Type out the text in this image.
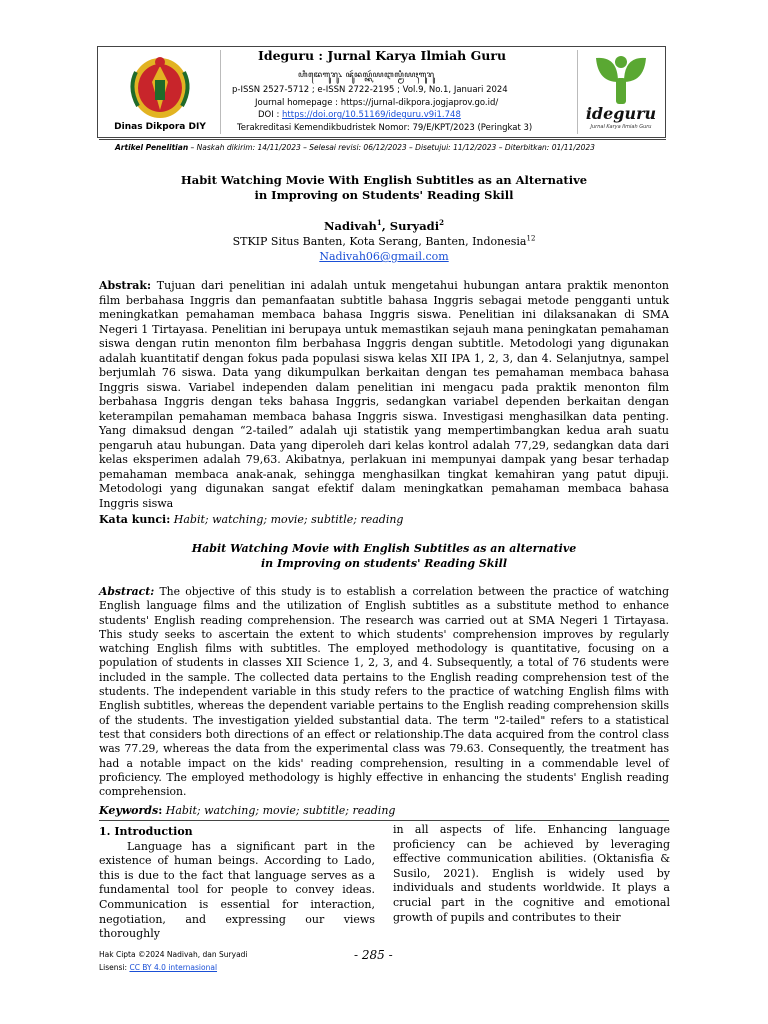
Dinas Dikpora DIY
ideguru
Jurnal Karya Ilmiah Guru
Ideguru : Jurnal Karya Ilmiah Guru
ꦲꦶꦢꦺꦒꦸꦫꦸ꧈ ꦗꦸꦂꦤꦭ꧀ꦏꦂꦪꦆꦭ꧀ꦩꦶꦪꦃꦒꦸꦫꦸ
p-ISSN 2527-5712 ; e-ISSN 2722-2195 ; Vol.9, No.1, Januari 2024
Journal homepage : https://jurnal-dikpora.jogjaprov.go.id/
DOI : https://doi.org/10.51169/ideguru.v9i1.748
Terakreditasi Kemendikbudristek Nomor: 79/E/KPT/2023 (Peringkat 3)
Artikel Penelitian – Naskah dikirim: 14/11/2023 – Selesai revisi: 06/12/2023 – Disetujui: 11/12/2023 – Diterbitkan: 01/11/2023
Habit Watching Movie With English Subtitles as an Alternative
in Improving on Students' Reading Skill
Nadivah$^1$, Suryadi$^2$
STKIP Situs Banten, Kota Serang, Banten, Indonesia$^{12}$
Nadivah06@gmail.com
Abstrak: Tujuan dari penelitian ini adalah untuk mengetahui hubungan antara praktik menonton film berbahasa Inggris dan pemanfaatan subtitle bahasa Inggris sebagai metode pengganti untuk meningkatkan pemahaman membaca bahasa Inggris siswa. Penelitian ini dilaksanakan di SMA Negeri 1 Tirtayasa. Penelitian ini berupaya untuk memastikan sejauh mana peningkatan pemahaman siswa dengan rutin menonton film berbahasa Inggris dengan subtitle. Metodologi yang digunakan adalah kuantitatif dengan fokus pada populasi siswa kelas XII IPA 1, 2, 3, dan 4. Selanjutnya, sampel berjumlah 76 siswa. Data yang dikumpulkan berkaitan dengan tes pemahaman membaca bahasa Inggris siswa. Variabel independen dalam penelitian ini mengacu pada praktik menonton film berbahasa Inggris dengan teks bahasa Inggris, sedangkan variabel dependen berkaitan dengan keterampilan pemahaman membaca bahasa Inggris siswa. Investigasi menghasilkan data penting. Yang dimaksud dengan “2-tailed” adalah uji statistik yang mempertimbangkan kedua arah suatu pengaruh atau hubungan. Data yang diperoleh dari kelas kontrol adalah 77,29, sedangkan data dari kelas eksperimen adalah 79,63. Akibatnya, perlakuan ini mempunyai dampak yang besar terhadap pemahaman membaca anak-anak, sehingga menghasilkan tingkat kemahiran yang patut dipuji. Metodologi yang digunakan sangat efektif dalam meningkatkan pemahaman membaca bahasa Inggris siswa
Kata kunci: Habit; watching; movie; subtitle; reading
Habit Watching Movie with English Subtitles as an alternative
in Improving on students' Reading Skill
Abstract: The objective of this study is to establish a correlation between the practice of watching English language films and the utilization of English subtitles as a substitute method to enhance students' English reading comprehension. The research was carried out at SMA Negeri 1 Tirtayasa. This study seeks to ascertain the extent to which students' comprehension improves by regularly watching English films with subtitles. The employed methodology is quantitative, focusing on a population of students in classes XII Science 1, 2, 3, and 4. Subsequently, a total of 76 students were included in the sample. The collected data pertains to the English reading comprehension test of the students. The independent variable in this study refers to the practice of watching English films with English subtitles, whereas the dependent variable pertains to the English reading comprehension skills of the students. The investigation yielded substantial data. The term "2-tailed" refers to a statistical test that considers both directions of an effect or relationship.The data acquired from the control class was 77.29, whereas the data from the experimental class was 79.63. Consequently, the treatment has had a notable impact on the kids' reading comprehension, resulting in a commendable level of proficiency. The employed methodology is highly effective in enhancing the students' English reading comprehension.
Keywords: Habit; watching; movie; subtitle; reading
1. Introduction
Language has a significant part in the existence of human beings. According to Lado, this is due to the fact that language serves as a fundamental tool for people to convey ideas. Communication is essential for interaction, negotiation, and expressing our views thoroughly
in all aspects of life. Enhancing language proficiency can be achieved by leveraging effective communication abilities. (Oktanisfia & Susilo, 2021). English is widely used by individuals and students worldwide. It plays a crucial part in the cognitive and emotional growth of pupils and contributes to their
Hak Cipta ©2024 Nadivah, dan Suryadi
Lisensi: CC BY 4.0 internasional
- 285 -
